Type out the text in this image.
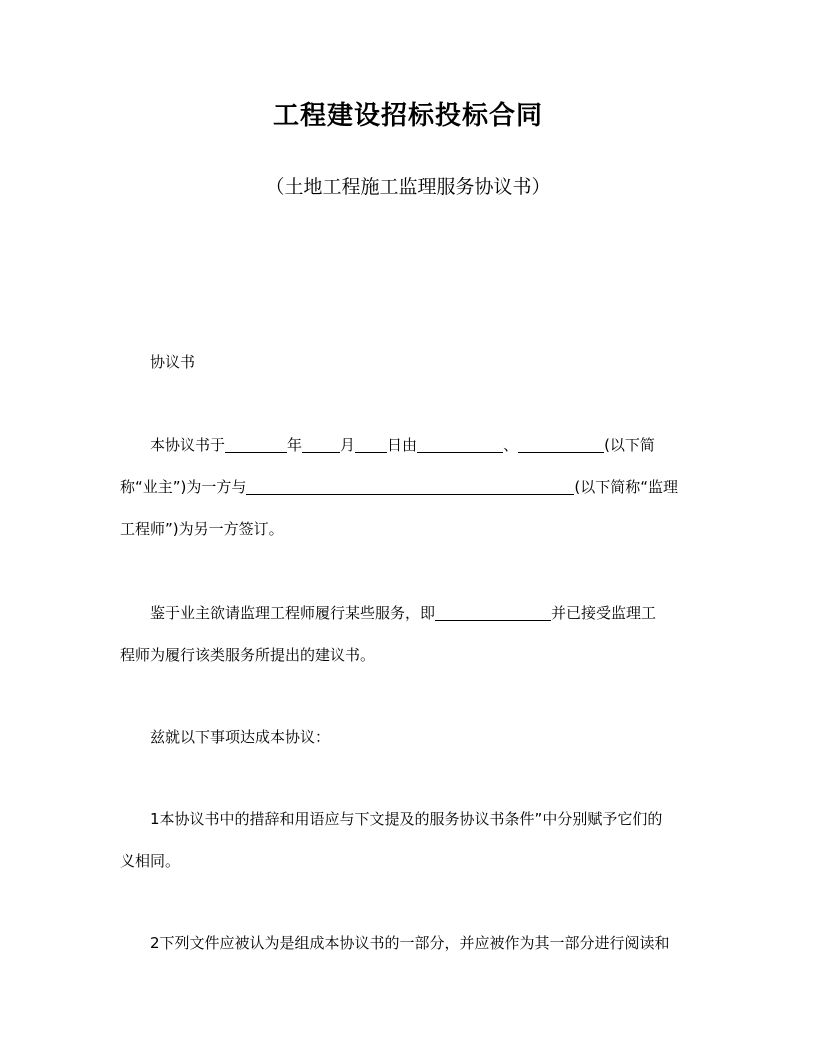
工程建设招标投标合同

（土地工程施工监理服务协议书）

协议书

本协议书于	年	月 日由	、	(以下简

称“业主”)为一方与	(以下简称“监理

工程师”)为另一方签订。

鉴于业主欲请监理工程师履行某些服务，即	并已接受监理工

程师为履行该类服务所提出的建议书。

兹就以下事项达成本协议：

1本协议书中的措辞和用语应与下文提及的服务协议书条件”中分别赋予它们的

义相同。

2下列文件应被认为是组成本协议书的一部分，并应被作为其一部分进行阅读和
